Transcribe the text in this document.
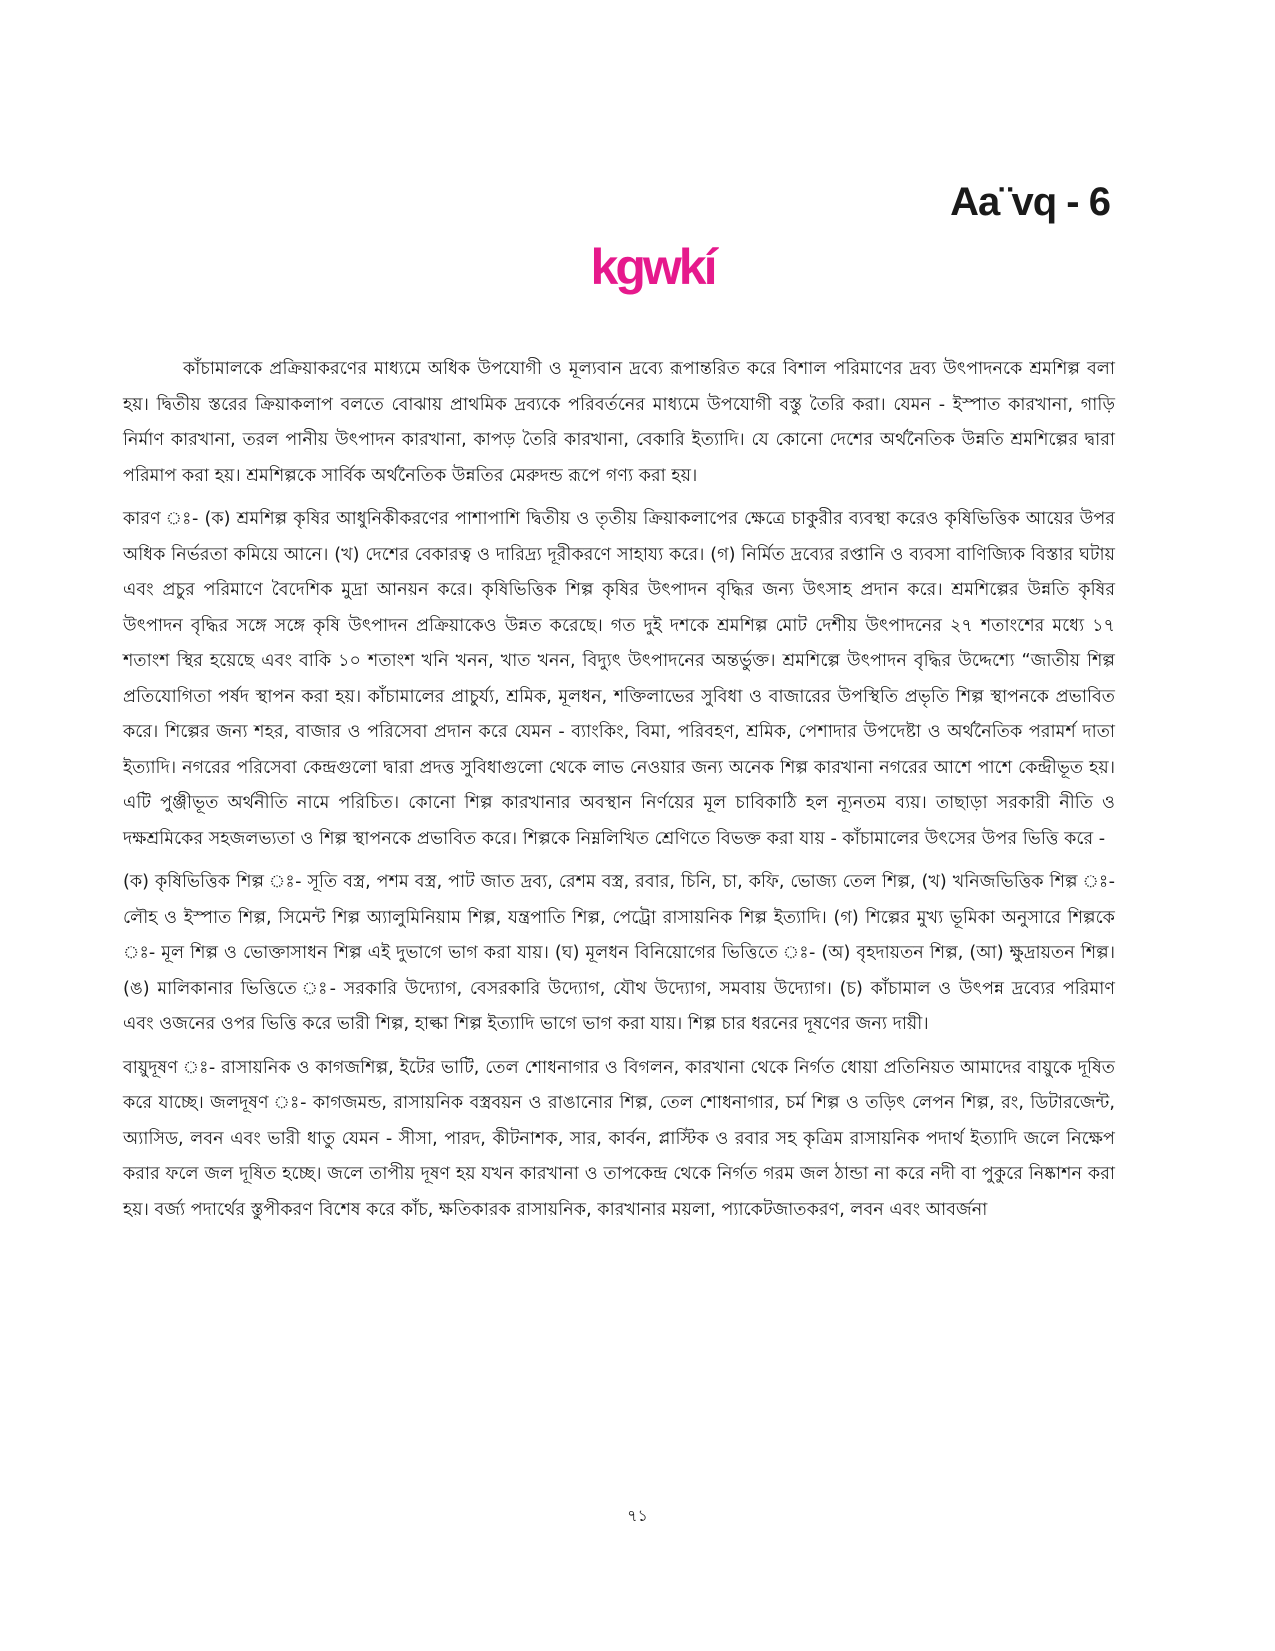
Aa¨vq - 6
kgwkí

কাঁচামালকে প্রক্রিয়াকরণের মাধ্যমে অধিক উপযোগী ও মূল্যবান দ্রব্যে রূপান্তরিত করে বিশাল পরিমাণের দ্রব্য উৎপাদনকে শ্রমশিল্প বলা হয়। দ্বিতীয় স্তরের ক্রিয়াকলাপ বলতে বোঝায় প্রাথমিক দ্রব্যকে পরিবর্তনের মাধ্যমে উপযোগী বস্তু তৈরি করা। যেমন - ইস্পাত কারখানা, গাড়ি নির্মাণ কারখানা, তরল পানীয় উৎপাদন কারখানা, কাপড় তৈরি কারখানা, বেকারি ইত্যাদি। যে কোনো দেশের অর্থনৈতিক উন্নতি শ্রমশিল্পের দ্বারা পরিমাপ করা হয়। শ্রমশিল্পকে সার্বিক অর্থনৈতিক উন্নতির মেরুদন্ড রূপে গণ্য করা হয়।

কারণ ঃ- (ক) শ্রমশিল্প কৃষির আধুনিকীকরণের পাশাপাশি দ্বিতীয় ও তৃতীয় ক্রিয়াকলাপের ক্ষেত্রে চাকুরীর ব্যবস্থা করেও কৃষিভিত্তিক আয়ের উপর অধিক নির্ভরতা কমিয়ে আনে। (খ) দেশের বেকারত্ব ও দারিদ্র্য দূরীকরণে সাহায্য করে। (গ) নির্মিত দ্রব্যের রপ্তানি ও ব্যবসা বাণিজ্যিক বিস্তার ঘটায় এবং প্রচুর পরিমাণে বৈদেশিক মুদ্রা আনয়ন করে। কৃষিভিত্তিক শিল্প কৃষির উৎপাদন বৃদ্ধির জন্য উৎসাহ প্রদান করে। শ্রমশিল্পের উন্নতি কৃষির উৎপাদন বৃদ্ধির সঙ্গে সঙ্গে কৃষি উৎপাদন প্রক্রিয়াকেও উন্নত করেছে। গত দুই দশকে শ্রমশিল্প মোট দেশীয় উৎপাদনের ২৭ শতাংশের মধ্যে ১৭ শতাংশ স্থির হয়েছে এবং বাকি ১০ শতাংশ খনি খনন, খাত খনন, বিদ্যুৎ উৎপাদনের অন্তর্ভুক্ত। শ্রমশিল্পে উৎপাদন বৃদ্ধির উদ্দেশ্যে “জাতীয় শিল্প প্রতিযোগিতা পর্ষদ স্থাপন করা হয়। কাঁচামালের প্রাচুর্য্য, শ্রমিক, মূলধন, শক্তিলাভের সুবিধা ও বাজারের উপস্থিতি প্রভৃতি শিল্প স্থাপনকে প্রভাবিত করে। শিল্পের জন্য শহর, বাজার ও পরিসেবা প্রদান করে যেমন - ব্যাংকিং, বিমা, পরিবহণ, শ্রমিক, পেশাদার উপদেষ্টা ও অর্থনৈতিক পরামর্শ দাতা ইত্যাদি। নগরের পরিসেবা কেন্দ্রগুলো দ্বারা প্রদত্ত সুবিধাগুলো থেকে লাভ নেওয়ার জন্য অনেক শিল্প কারখানা নগরের আশে পাশে কেন্দ্রীভূত হয়। এটি পুঞ্জীভূত অর্থনীতি নামে পরিচিত। কোনো শিল্প কারখানার অবস্থান নির্ণয়ের মূল চাবিকাঠি হল ন্যূনতম ব্যয়। তাছাড়া সরকারী নীতি ও দক্ষশ্রমিকের সহজলভ্যতা ও শিল্প স্থাপনকে প্রভাবিত করে। শিল্পকে নিম্নলিখিত শ্রেণিতে বিভক্ত করা যায় - কাঁচামালের উৎসের উপর ভিত্তি করে -

(ক) কৃষিভিত্তিক শিল্প ঃ- সূতি বস্ত্র, পশম বস্ত্র, পাট জাত দ্রব্য, রেশম বস্ত্র, রবার, চিনি, চা, কফি, ভোজ্য তেল শিল্প, (খ) খনিজভিত্তিক শিল্প ঃ- লৌহ ও ইস্পাত শিল্প, সিমেন্ট শিল্প অ্যালুমিনিয়াম শিল্প, যন্ত্রপাতি শিল্প, পেট্রো রাসায়নিক শিল্প ইত্যাদি। (গ) শিল্পের মুখ্য ভূমিকা অনুসারে শিল্পকে ঃ- মূল শিল্প ও ভোক্তাসাধন শিল্প এই দুভাগে ভাগ করা যায়। (ঘ) মূলধন বিনিয়োগের ভিত্তিতে ঃ- (অ) বৃহদায়তন শিল্প, (আ) ক্ষুদ্রায়তন শিল্প। (ঙ) মালিকানার ভিত্তিতে ঃ- সরকারি উদ্যোগ, বেসরকারি উদ্যোগ, যৌথ উদ্যোগ, সমবায় উদ্যোগ। (চ) কাঁচামাল ও উৎপন্ন দ্রব্যের পরিমাণ এবং ওজনের ওপর ভিত্তি করে ভারী শিল্প, হাল্কা শিল্প ইত্যাদি ভাগে ভাগ করা যায়। শিল্প চার ধরনের দূষণের জন্য দায়ী।

বায়ুদূষণ ঃ- রাসায়নিক ও কাগজশিল্প, ইটের ভাটি, তেল শোধনাগার ও বিগলন, কারখানা থেকে নির্গত ধোয়া প্রতিনিয়ত আমাদের বায়ুকে দূষিত করে যাচ্ছে। জলদূষণ ঃ- কাগজমন্ড, রাসায়নিক বস্ত্রবয়ন ও রাঙানোর শিল্প, তেল শোধনাগার, চর্ম শিল্প ও তড়িৎ লেপন শিল্প, রং, ডিটারজেন্ট, অ্যাসিড, লবন এবং ভারী ধাতু যেমন - সীসা, পারদ, কীটনাশক, সার, কার্বন, প্লাস্টিক ও রবার সহ কৃত্রিম রাসায়নিক পদার্থ ইত্যাদি জলে নিক্ষেপ করার ফলে জল দূষিত হচ্ছে। জলে তাপীয় দূষণ হয় যখন কারখানা ও তাপকেন্দ্র থেকে নির্গত গরম জল ঠান্ডা না করে নদী বা পুকুরে নিষ্কাশন করা হয়। বর্জ্য পদার্থের স্তুপীকরণ বিশেষ করে কাঁচ, ক্ষতিকারক রাসায়নিক, কারখানার ময়লা, প্যাকেটজাতকরণ, লবন এবং আবর্জনা

৭১
